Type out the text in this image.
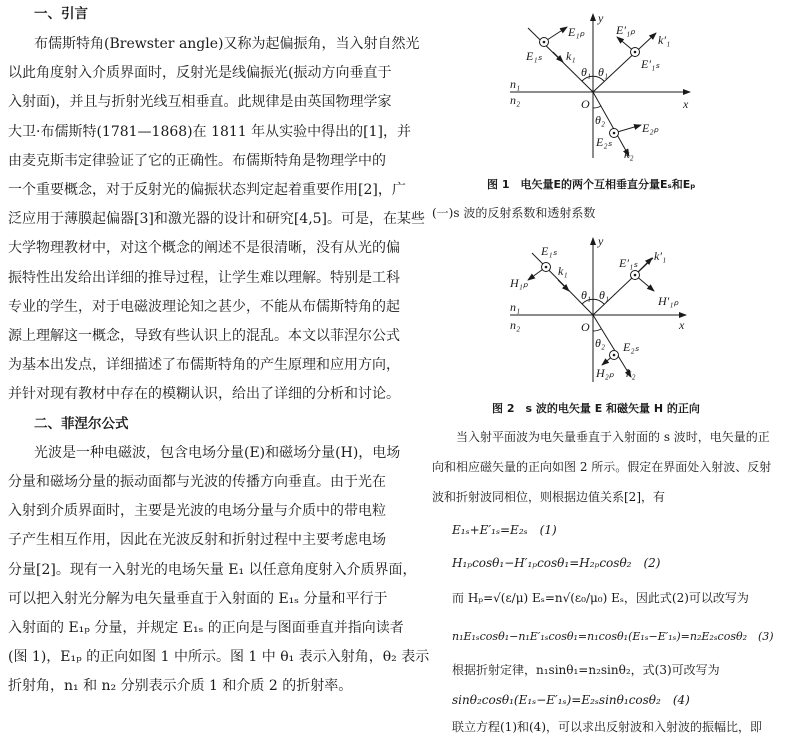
一、引言
布儒斯特角(Brewster angle)又称为起偏振角，当入射自然光
以此角度射入介质界面时，反射光是线偏振光(振动方向垂直于
入射面)，并且与折射光线互相垂直。此规律是由英国物理学家
大卫·布儒斯特(1781—1868)在 1811 年从实验中得出的[1]，并
由麦克斯韦定律验证了它的正确性。布儒斯特角是物理学中的
一个重要概念，对于反射光的偏振状态判定起着重要作用[2]，广
泛应用于薄膜起偏器[3]和激光器的设计和研究[4,5]。可是，在某些
大学物理教材中，对这个概念的阐述不是很清晰，没有从光的偏
振特性出发给出详细的推导过程，让学生难以理解。特别是工科
专业的学生，对于电磁波理论知之甚少，不能从布儒斯特角的起
源上理解这一概念，导致有些认识上的混乱。本文以菲涅尔公式
为基本出发点，详细描述了布儒斯特角的产生原理和应用方向，
并针对现有教材中存在的模糊认识，给出了详细的分析和讨论。
二、菲涅尔公式
光波是一种电磁波，包含电场分量(E)和磁场分量(H)，电场
分量和磁场分量的振动面都与光波的传播方向垂直。由于光在
入射到介质界面时，主要是光波的电场分量与介质中的带电粒
子产生相互作用，因此在光波反射和折射过程中主要考虑电场
分量[2]。现有一入射光的电场矢量 E₁ 以任意角度射入介质界面，
可以把入射光分解为电矢量垂直于入射面的 E₁ₛ 分量和平行于
入射面的 E₁ₚ 分量，并规定 E₁ₛ 的正向是与图面垂直并指向读者
(图 1)，E₁ₚ 的正向如图 1 中所示。图 1 中 θ₁ 表示入射角，θ₂ 表示
折射角，n₁ 和 n₂ 分别表示介质 1 和介质 2 的折射率。
y
x
O
n₁
n₂
E₁ₚ
E₁ₛ k₁
E′₁ₚ
k′₁
E′₁ₛ
θ₁ θ₁
θ₂
E₂ₚ
E₂ₛ
k₂
图 1　电矢量E的两个互相垂直分量Eₛ和Eₚ
(一)s 波的反射系数和透射系数
y
x
O
n₁
n₂
E₁ₛ
k₁
H₁ₚ
E′₁ₛ k′₁
H′₁ₚ
θ₁ θ₁
θ₂ E₂ₛ
H₂ₚ k₂
图 2　s 波的电矢量 E 和磁矢量 H 的正向
当入射平面波为电矢量垂直于入射面的 s 波时，电矢量的正
向和相应磁矢量的正向如图 2 所示。假定在界面处入射波、反射
波和折射波同相位，则根据边值关系[2]，有
E₁ₛ+E′₁ₛ=E₂ₛ　(1)
H₁ₚcosθ₁−H′₁ₚcosθ₁=H₂ₚcosθ₂　(2)
而 Hₚ=√(ε/μ) Eₛ=n√(ε₀/μ₀) Eₛ，因此式(2)可以改写为
n₁E₁ₛcosθ₁−n₁E′₁ₛcosθ₁=n₁cosθ₁(E₁ₛ−E′₁ₛ)=n₂E₂ₛcosθ₂　(3)
根据折射定律，n₁sinθ₁=n₂sinθ₂，式(3)可改写为
sinθ₂cosθ₁(E₁ₛ−E′₁ₛ)=E₂ₛsinθ₁cosθ₂　(4)
联立方程(1)和(4)，可以求出反射波和入射波的振幅比，即
